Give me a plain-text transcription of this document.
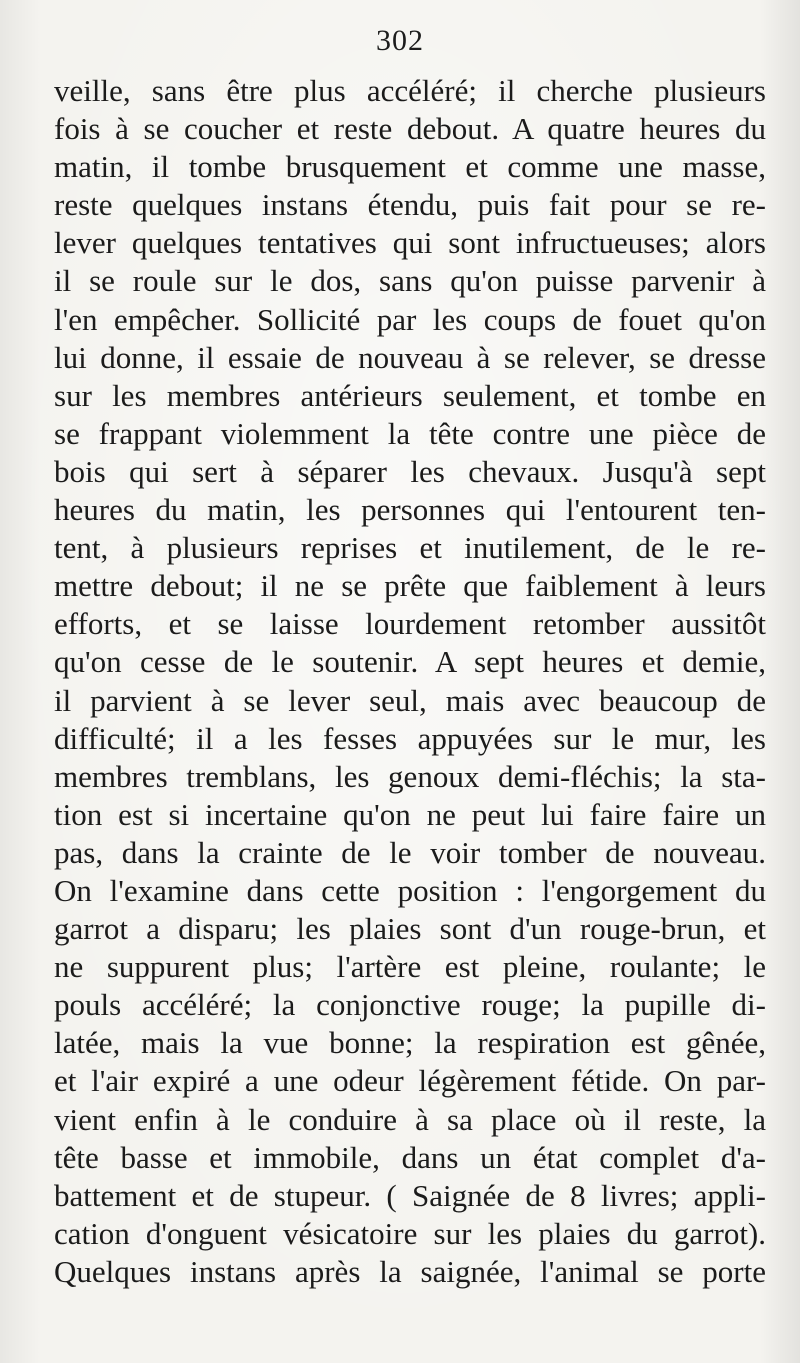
302
veille, sans être plus accéléré; il cherche plusieurs
fois à se coucher et reste debout. A quatre heures du
matin, il tombe brusquement et comme une masse,
reste quelques instans étendu, puis fait pour se re-
lever quelques tentatives qui sont infructueuses; alors
il se roule sur le dos, sans qu'on puisse parvenir à
l'en empêcher. Sollicité par les coups de fouet qu'on
lui donne, il essaie de nouveau à se relever, se dresse
sur les membres antérieurs seulement, et tombe en
se frappant violemment la tête contre une pièce de
bois qui sert à séparer les chevaux. Jusqu'à sept
heures du matin, les personnes qui l'entourent ten-
tent, à plusieurs reprises et inutilement, de le re-
mettre debout; il ne se prête que faiblement à leurs
efforts, et se laisse lourdement retomber aussitôt
qu'on cesse de le soutenir. A sept heures et demie,
il parvient à se lever seul, mais avec beaucoup de
difficulté; il a les fesses appuyées sur le mur, les
membres tremblans, les genoux demi-fléchis; la sta-
tion est si incertaine qu'on ne peut lui faire faire un
pas, dans la crainte de le voir tomber de nouveau.
On l'examine dans cette position : l'engorgement du
garrot a disparu; les plaies sont d'un rouge-brun, et
ne suppurent plus; l'artère est pleine, roulante; le
pouls accéléré; la conjonctive rouge; la pupille di-
latée, mais la vue bonne; la respiration est gênée,
et l'air expiré a une odeur légèrement fétide. On par-
vient enfin à le conduire à sa place où il reste, la
tête basse et immobile, dans un état complet d'a-
battement et de stupeur. ( Saignée de 8 livres; appli-
cation d'onguent vésicatoire sur les plaies du garrot).
Quelques instans après la saignée, l'animal se porte
